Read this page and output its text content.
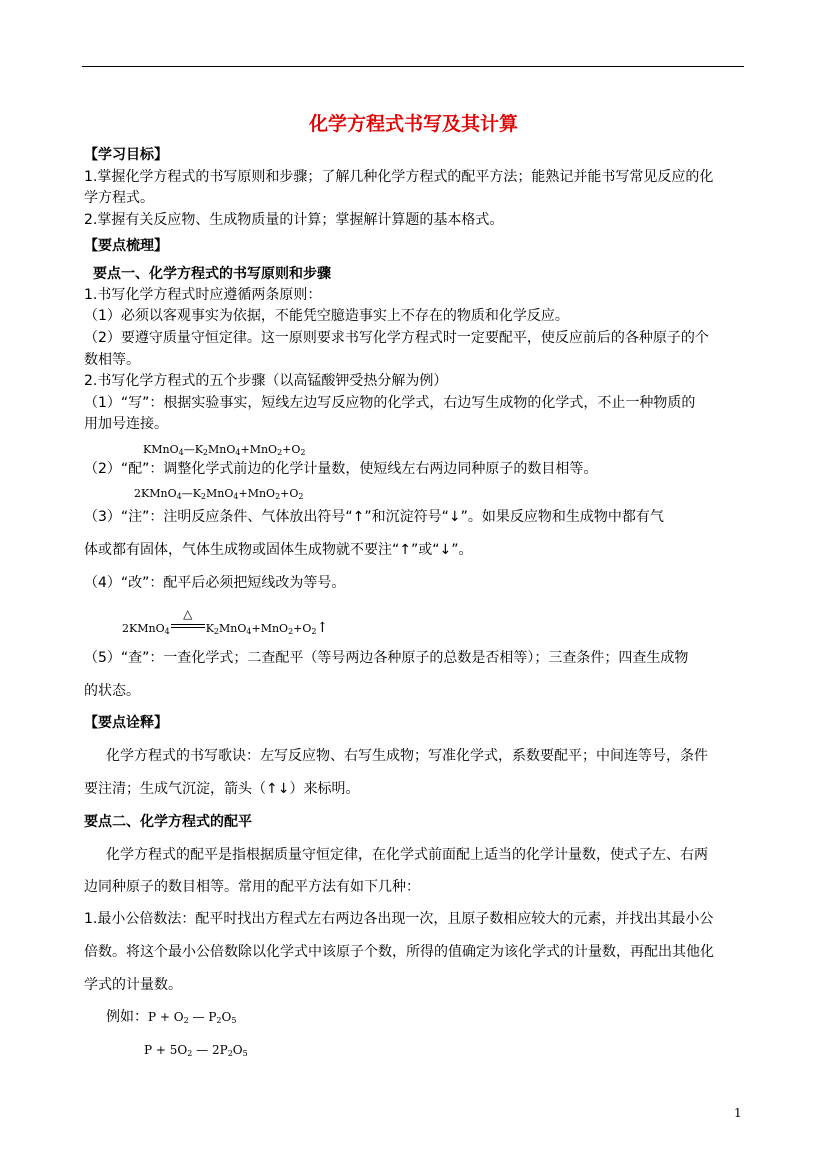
化学方程式书写及其计算
【学习目标】
1.掌握化学方程式的书写原则和步骤；了解几种化学方程式的配平方法；能熟记并能书写常见反应的化
学方程式。
2.掌握有关反应物、生成物质量的计算；掌握解计算题的基本格式。
【要点梳理】
要点一、化学方程式的书写原则和步骤
1.书写化学方程式时应遵循两条原则：
（1）必须以客观事实为依据，不能凭空臆造事实上不存在的物质和化学反应。
（2）要遵守质量守恒定律。这一原则要求书写化学方程式时一定要配平，使反应前后的各种原子的个
数相等。
2.书写化学方程式的五个步骤（以高锰酸钾受热分解为例）
（1）“写”：根据实验事实，短线左边写反应物的化学式，右边写生成物的化学式，不止一种物质的
用加号连接。
$KMnO_4—K_2MnO_4+MnO_2+O_2$
（2）“配”：调整化学式前边的化学计量数，使短线左右两边同种原子的数目相等。
$2KMnO_4—K_2MnO_4+MnO_2+O_2$
（3）“注”：注明反应条件、气体放出符号“↑”和沉淀符号“↓”。如果反应物和生成物中都有气
体或都有固体，气体生成物或固体生成物就不要注“↑”或“↓”。
（4）“改”：配平后必须把短线改为等号。
2KMnO$_4$
△
$K_2MnO_4+MnO_2+O_2↑$
（5）“查”：一查化学式；二查配平（等号两边各种原子的总数是否相等）；三查条件；四查生成物
的状态。
【要点诠释】
化学方程式的书写歌诀：左写反应物、右写生成物；写准化学式，系数要配平；中间连等号，条件
要注清；生成气沉淀，箭头（↑↓）来标明。
要点二、化学方程式的配平
化学方程式的配平是指根据质量守恒定律，在化学式前面配上适当的化学计量数，使式子左、右两
边同种原子的数目相等。常用的配平方法有如下几种：
1.最小公倍数法：配平时找出方程式左右两边各出现一次，且原子数相应较大的元素，并找出其最小公
倍数。将这个最小公倍数除以化学式中该原子个数，所得的值确定为该化学式的计量数，再配出其他化
学式的计量数。
例如：$P + O_2$ — $P_2O_5$
$P + 5O_2$ — $2P_2O_5$
1
